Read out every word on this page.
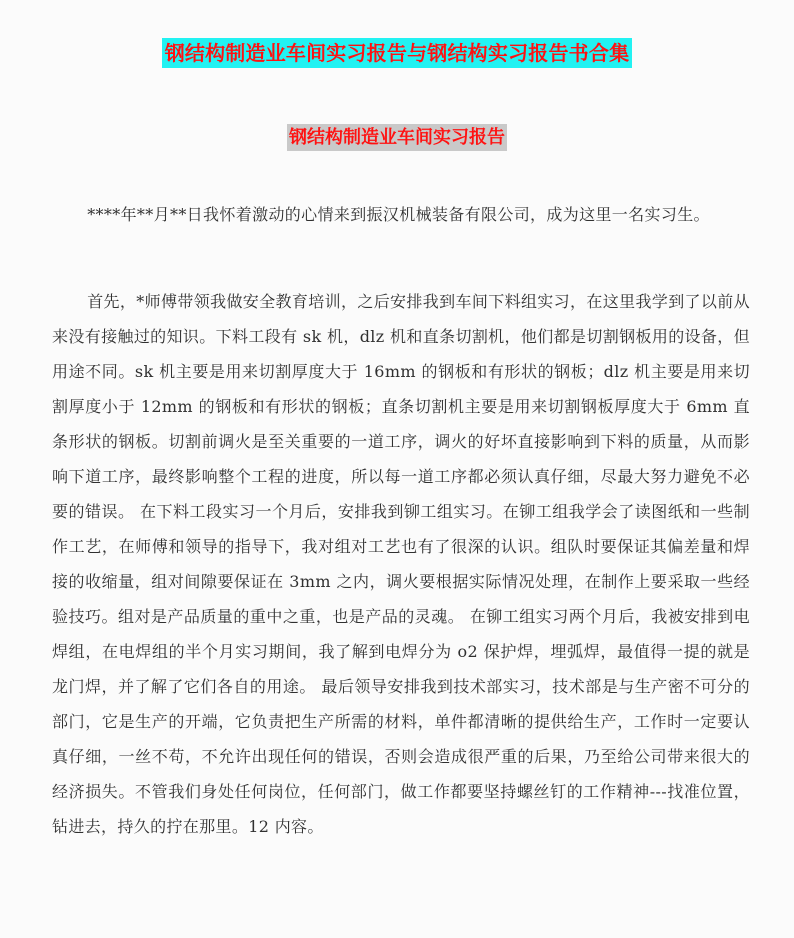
钢结构制造业车间实习报告与钢结构实习报告书合集
钢结构制造业车间实习报告

****年**月**日我怀着激动的心情来到振汉机械装备有限公司，成为这里一名实习生。

首先，*师傅带领我做安全教育培训，之后安排我到车间下料组实习，在这里我学到了以前从来没有接触过的知识。下料工段有 sk 机，dlz 机和直条切割机，他们都是切割钢板用的设备，但用途不同。sk 机主要是用来切割厚度大于 16mm 的钢板和有形状的钢板；dlz 机主要是用来切割厚度小于 12mm 的钢板和有形状的钢板；直条切割机主要是用来切割钢板厚度大于 6mm 直条形状的钢板。切割前调火是至关重要的一道工序，调火的好坏直接影响到下料的质量，从而影响下道工序，最终影响整个工程的进度，所以每一道工序都必须认真仔细，尽最大努力避免不必要的错误。 在下料工段实习一个月后，安排我到铆工组实习。在铆工组我学会了读图纸和一些制作工艺，在师傅和领导的指导下，我对组对工艺也有了很深的认识。组队时要保证其偏差量和焊接的收缩量，组对间隙要保证在 3mm 之内，调火要根据实际情况处理，在制作上要采取一些经验技巧。组对是产品质量的重中之重，也是产品的灵魂。 在铆工组实习两个月后，我被安排到电焊组，在电焊组的半个月实习期间，我了解到电焊分为 o2 保护焊，埋弧焊，最值得一提的就是龙门焊，并了解了它们各自的用途。 最后领导安排我到技术部实习，技术部是与生产密不可分的部门，它是生产的开端，它负责把生产所需的材料，单件都清晰的提供给生产，工作时一定要认真仔细，一丝不苟，不允许出现任何的错误，否则会造成很严重的后果，乃至给公司带来很大的经济损失。不管我们身处任何岗位，任何部门，做工作都要坚持螺丝钉的工作精神---找准位置，钻进去，持久的拧在那里。12 内容。
